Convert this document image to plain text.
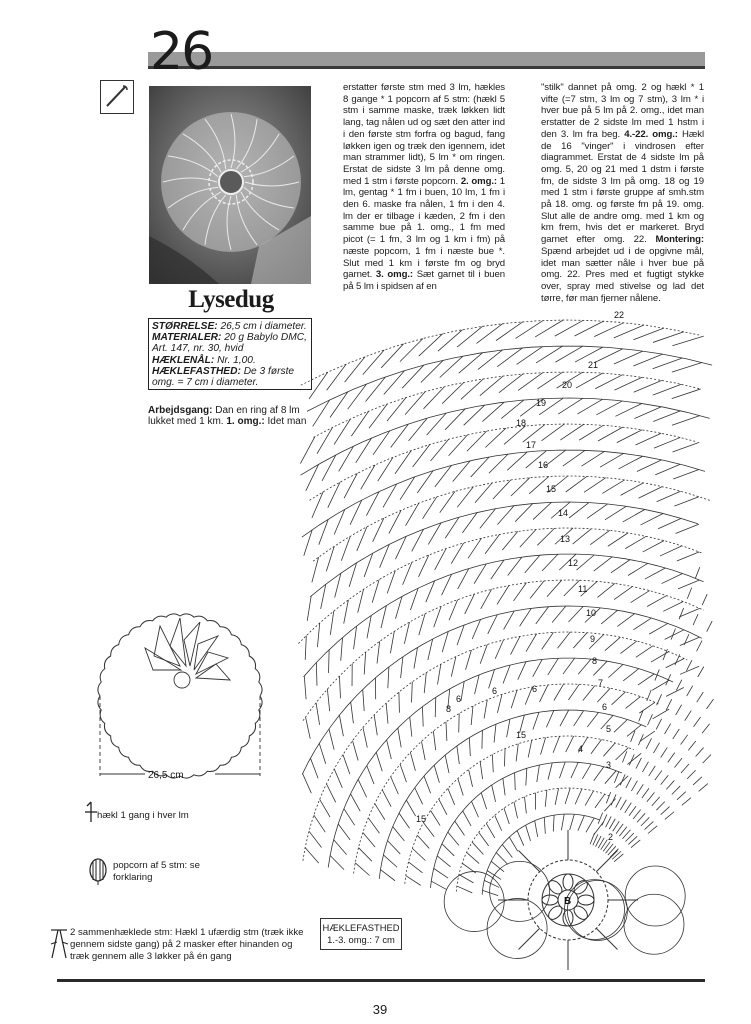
26
Lysedug
STØRRELSE: 26,5 cm i diameter.
MATERIALER: 20 g Babylo DMC, Art. 147, nr. 30, hvid
HÆKLENÅL: Nr. 1,00.
HÆKLEFASTHED: De 3 første omg. = 7 cm i diameter.
Arbejdsgang: Dan en ring af 8 lm lukket med 1 km. 1. omg.: Idet man
erstatter første stm med 3 lm, hækles 8 gange * 1 popcorn af 5 stm: (hækl 5 stm i samme maske, træk løkken lidt lang, tag nålen ud og sæt den atter ind i den første stm forfra og bagud, fang løkken igen og træk den igennem, idet man strammer lidt), 5 lm * om ringen. Erstat de sidste 3 lm på denne omg. med 1 stm i første popcorn. 2. omg.: 1 lm, gentag * 1 fm i buen, 10 lm, 1 fm i den 6. maske fra nålen, 1 fm i den 4. lm der er tilbage i kæden, 2 fm i den samme bue på 1. omg., 1 fm med picot (= 1 fm, 3 lm og 1 km i fm) på næste popcorn, 1 fm i næste bue *. Slut med 1 km i første fm og bryd garnet. 3. omg.: Sæt garnet til i buen på 5 lm i spidsen af en
"stilk" dannet på omg. 2 og hækl * 1 vifte (=7 stm, 3 lm og 7 stm), 3 lm * i hver bue på 5 lm på 2. omg., idet man erstatter de 2 sidste lm med 1 hstm i den 3. lm fra beg. 4.-22. omg.: Hækl de 16 "vinger" i vindrosen efter diagrammet. Erstat de 4 sidste lm på omg. 5, 20 og 21 med 1 dstm i første fm, de sidste 3 lm på omg. 18 og 19 med 1 stm i første gruppe af smh.stm på 18. omg. og første fm på 19. omg. Slut alle de andre omg. med 1 km og km frem, hvis det er markeret. Bryd garnet efter omg. 22. Montering: Spænd arbejdet ud i de opgivne mål, idet man sætter nåle i hver bue på omg. 22. Pres med et fugtigt stykke over, spray med stivelse og lad det tørre, før man fjerner nålene.
B
22
21
20
19
18
17
16
15
14
13
12
11
10
9
8
7
6
5
4
3
2
15
6
6
6
8
15
26,5 cm
hækl 1 gang i hver lm
popcorn af 5 stm: se forklaring
2 sammenhæklede stm: Hækl 1 ufærdig stm (træk ikke gennem sidste gang) på 2 masker efter hinanden og træk gennem alle 3 løkker på én gang
HÆKLEFASTHED
1.-3. omg.: 7 cm
39
